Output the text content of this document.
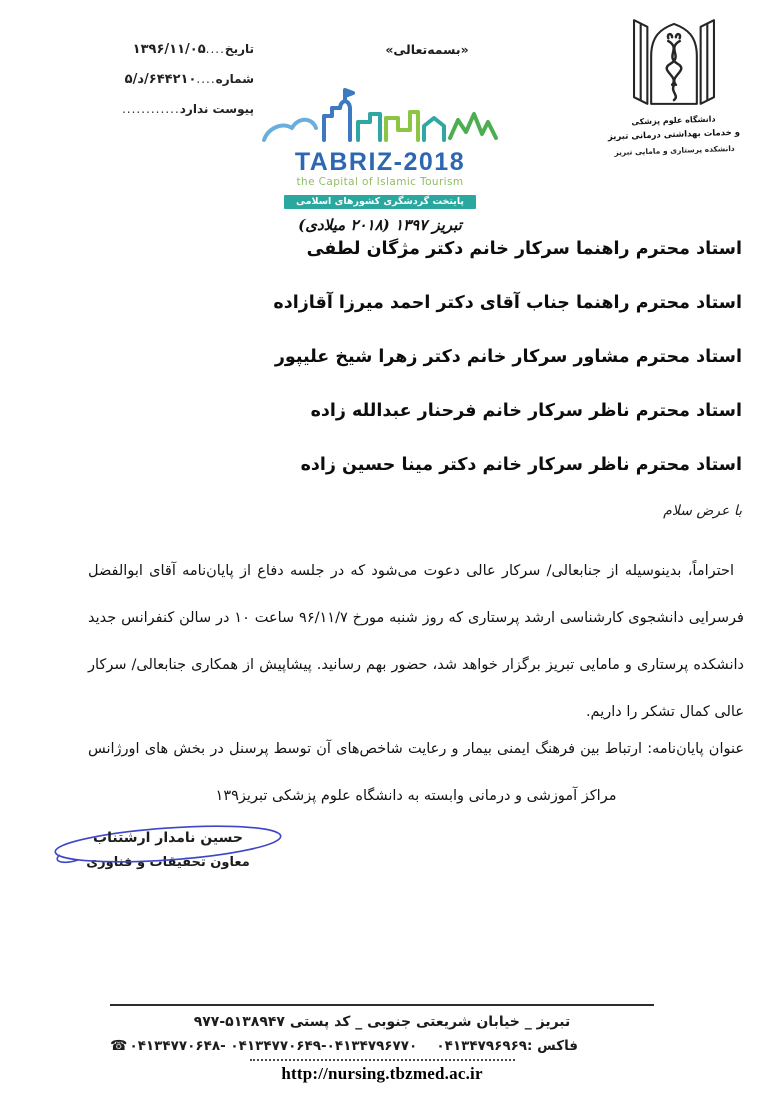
تاریخ
....
۱۳۹۶/۱۱/۰۵
شماره
....
۵/د/۶۴۴۲۱۰
پیوست ندارد
............
«بسمه‌تعالی»
دانشگاه علوم پزشکی
و خدمات بهداشتی درمانی تبریز
دانشکده پرستاری و مامایی تبریز
TABRIZ-2018
the Capital of Islamic Tourism
پایتخت گردشگری کشورهای اسلامی
تبریز ۱۳۹۷ (۲۰۱۸ میلادی)
استاد محترم راهنما سرکار خانم دکتر مژگان لطفی
استاد محترم راهنما جناب آقای دکتر احمد میرزا آقازاده
استاد محترم مشاور سرکار خانم دکتر زهرا شیخ علیپور
استاد محترم ناظر سرکار خانم فرحنار عبدالله زاده
استاد محترم ناظر سرکار خانم دکتر مینا حسین زاده
با عرض سلام
احتراماً، بدینوسیله از جنابعالی/ سرکار عالی دعوت می‌شود که در جلسه دفاع از پایان‌نامه آقای ابوالفضل فرسرایی دانشجوی کارشناسی ارشد پرستاری که روز شنبه مورخ ۹۶/۱۱/۷ ساعت ۱۰ در سالن کنفرانس جدید دانشکده پرستاری و مامایی تبریز برگزار خواهد شد، حضور بهم رسانید. پیشاپیش از همکاری جنابعالی/ سرکار عالی کمال تشکر را داریم.
عنوان پایان‌نامه: ارتباط بین فرهنگ ایمنی بیمار و رعایت شاخص‌های آن توسط پرسنل در بخش های اورژانس مراکز آموزشی و درمانی وابسته به دانشگاه علوم پزشکی تبریز۱۳۹
حسین نامدار ارشتناب
معاون تحقیقات و فناوری
تبریز _ خیابان شریعتی جنوبی _ کد پستی ۵۱۳۸۹۴۷-۹۷۷
☎ ۰۴۱۳۴۷۷۰۶۴۸- ۰۴۱۳۴۷۷۰۶۴۹-۰۴۱۳۴۷۹۶۷۷۰	فاکس :۰۴۱۳۴۷۹۶۹۶۹
http://nursing.tbzmed.ac.ir
